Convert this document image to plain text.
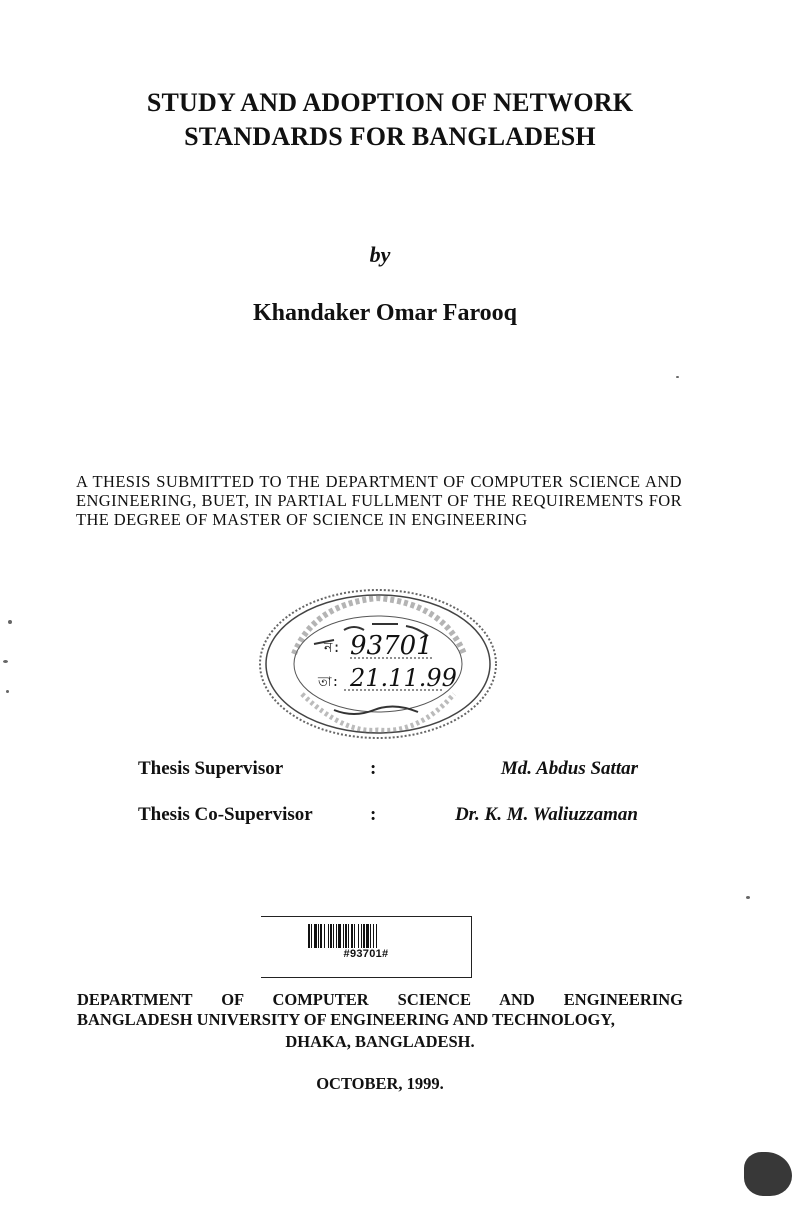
STUDY AND ADOPTION OF NETWORK
STANDARDS FOR BANGLADESH
by
Khandaker Omar Farooq
A THESIS SUBMITTED TO THE DEPARTMENT OF COMPUTER SCIENCE AND ENGINEERING, BUET, IN PARTIAL FULLMENT OF THE REQUIREMENTS FOR THE DEGREE OF MASTER OF SCIENCE IN ENGINEERING
ন: 93701
তা: 21.11.99
Thesis Supervisor	:	Md. Abdus Sattar
Thesis Co-Supervisor	:	Dr. K. M. Waliuzzaman
#93701#
DEPARTMENT OF COMPUTER SCIENCE AND ENGINEERING
BANGLADESH UNIVERSITY OF ENGINEERING AND TECHNOLOGY,
DHAKA, BANGLADESH.
OCTOBER, 1999.
